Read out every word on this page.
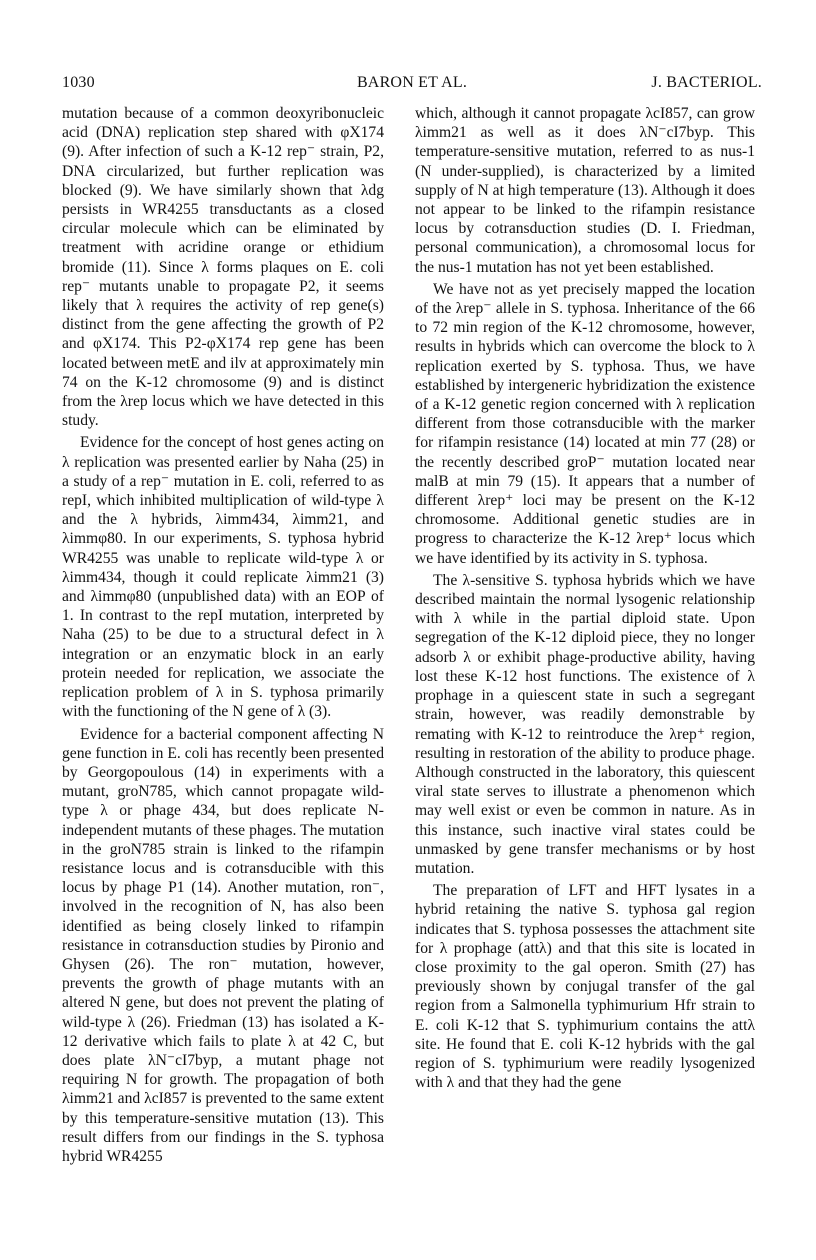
1030	BARON ET AL.	J. BACTERIOL.

mutation because of a common deoxyribonucleic acid (DNA) replication step shared with φX174 (9). After infection of such a K-12 rep⁻ strain, P2, DNA circularized, but further replication was blocked (9). We have similarly shown that λdg persists in WR4255 transductants as a closed circular molecule which can be eliminated by treatment with acridine orange or ethidium bromide (11). Since λ forms plaques on E. coli rep⁻ mutants unable to propagate P2, it seems likely that λ requires the activity of rep gene(s) distinct from the gene affecting the growth of P2 and φX174. This P2-φX174 rep gene has been located between metE and ilv at approximately min 74 on the K-12 chromosome (9) and is distinct from the λrep locus which we have detected in this study.

Evidence for the concept of host genes acting on λ replication was presented earlier by Naha (25) in a study of a rep⁻ mutation in E. coli, referred to as repI, which inhibited multiplication of wild-type λ and the λ hybrids, λimm434, λimm21, and λimmφ80. In our experiments, S. typhosa hybrid WR4255 was unable to replicate wild-type λ or λimm434, though it could replicate λimm21 (3) and λimmφ80 (unpublished data) with an EOP of 1. In contrast to the repI mutation, interpreted by Naha (25) to be due to a structural defect in λ integration or an enzymatic block in an early protein needed for replication, we associate the replication problem of λ in S. typhosa primarily with the functioning of the N gene of λ (3).

Evidence for a bacterial component affecting N gene function in E. coli has recently been presented by Georgopoulous (14) in experiments with a mutant, groN785, which cannot propagate wild-type λ or phage 434, but does replicate N-independent mutants of these phages. The mutation in the groN785 strain is linked to the rifampin resistance locus and is cotransducible with this locus by phage P1 (14). Another mutation, ron⁻, involved in the recognition of N, has also been identified as being closely linked to rifampin resistance in cotransduction studies by Pironio and Ghysen (26). The ron⁻ mutation, however, prevents the growth of phage mutants with an altered N gene, but does not prevent the plating of wild-type λ (26). Friedman (13) has isolated a K-12 derivative which fails to plate λ at 42 C, but does plate λN⁻cI7byp, a mutant phage not requiring N for growth. The propagation of both λimm21 and λcI857 is prevented to the same extent by this temperature-sensitive mutation (13). This result differs from our findings in the S. typhosa hybrid WR4255

which, although it cannot propagate λcI857, can grow λimm21 as well as it does λN⁻cI7byp. This temperature-sensitive mutation, referred to as nus-1 (N under-supplied), is characterized by a limited supply of N at high temperature (13). Although it does not appear to be linked to the rifampin resistance locus by cotransduction studies (D. I. Friedman, personal communication), a chromosomal locus for the nus-1 mutation has not yet been established.

We have not as yet precisely mapped the location of the λrep⁻ allele in S. typhosa. Inheritance of the 66 to 72 min region of the K-12 chromosome, however, results in hybrids which can overcome the block to λ replication exerted by S. typhosa. Thus, we have established by intergeneric hybridization the existence of a K-12 genetic region concerned with λ replication different from those cotransducible with the marker for rifampin resistance (14) located at min 77 (28) or the recently described groP⁻ mutation located near malB at min 79 (15). It appears that a number of different λrep⁺ loci may be present on the K-12 chromosome. Additional genetic studies are in progress to characterize the K-12 λrep⁺ locus which we have identified by its activity in S. typhosa.

The λ-sensitive S. typhosa hybrids which we have described maintain the normal lysogenic relationship with λ while in the partial diploid state. Upon segregation of the K-12 diploid piece, they no longer adsorb λ or exhibit phage-productive ability, having lost these K-12 host functions. The existence of λ prophage in a quiescent state in such a segregant strain, however, was readily demonstrable by remating with K-12 to reintroduce the λrep⁺ region, resulting in restoration of the ability to produce phage. Although constructed in the laboratory, this quiescent viral state serves to illustrate a phenomenon which may well exist or even be common in nature. As in this instance, such inactive viral states could be unmasked by gene transfer mechanisms or by host mutation.

The preparation of LFT and HFT lysates in a hybrid retaining the native S. typhosa gal region indicates that S. typhosa possesses the attachment site for λ prophage (attλ) and that this site is located in close proximity to the gal operon. Smith (27) has previously shown by conjugal transfer of the gal region from a Salmonella typhimurium Hfr strain to E. coli K-12 that S. typhimurium contains the attλ site. He found that E. coli K-12 hybrids with the gal region of S. typhimurium were readily lysogenized with λ and that they had the gene
